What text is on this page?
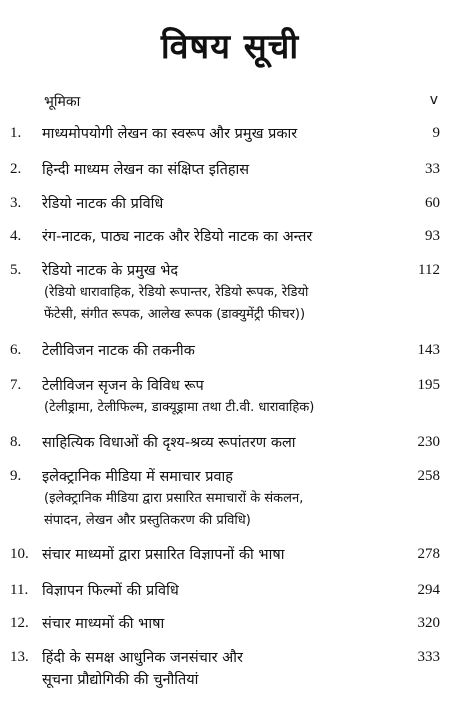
विषय सूची
भूमिका	v
1. माध्यमोपयोगी लेखन का स्वरूप और प्रमुख प्रकार	9
2. हिन्दी माध्यम लेखन का संक्षिप्त इतिहास	33
3. रेडियो नाटक की प्रविधि	60
4. रंग-नाटक, पाठ्य नाटक और रेडियो नाटक का अन्तर	93
5. रेडियो नाटक के प्रमुख भेद	112
(रेडियो धारावाहिक, रेडियो रूपान्तर, रेडियो रूपक, रेडियो
फेंटेसी, संगीत रूपक, आलेख रूपक (डाक्युमेंट्री फीचर))
6. टेलीविजन नाटक की तकनीक	143
7. टेलीविजन सृजन के विविध रूप	195
(टेलीड्रामा, टेलीफिल्म, डाक्यूड्रामा तथा टी.वी. धारावाहिक)
8. साहित्यिक विधाओं की दृश्य-श्रव्य रूपांतरण कला	230
9. इलेक्ट्रानिक मीडिया में समाचार प्रवाह	258
(इलेक्ट्रानिक मीडिया द्वारा प्रसारित समाचारों के संकलन,
संपादन, लेखन और प्रस्तुतिकरण की प्रविधि)
10. संचार माध्यमों द्वारा प्रसारित विज्ञापनों की भाषा	278
11. विज्ञापन फिल्मों की प्रविधि	294
12. संचार माध्यमों की भाषा	320
13. हिंदी के समक्ष आधुनिक जनसंचार और	333
सूचना प्रौद्योगिकी की चुनौतियां
